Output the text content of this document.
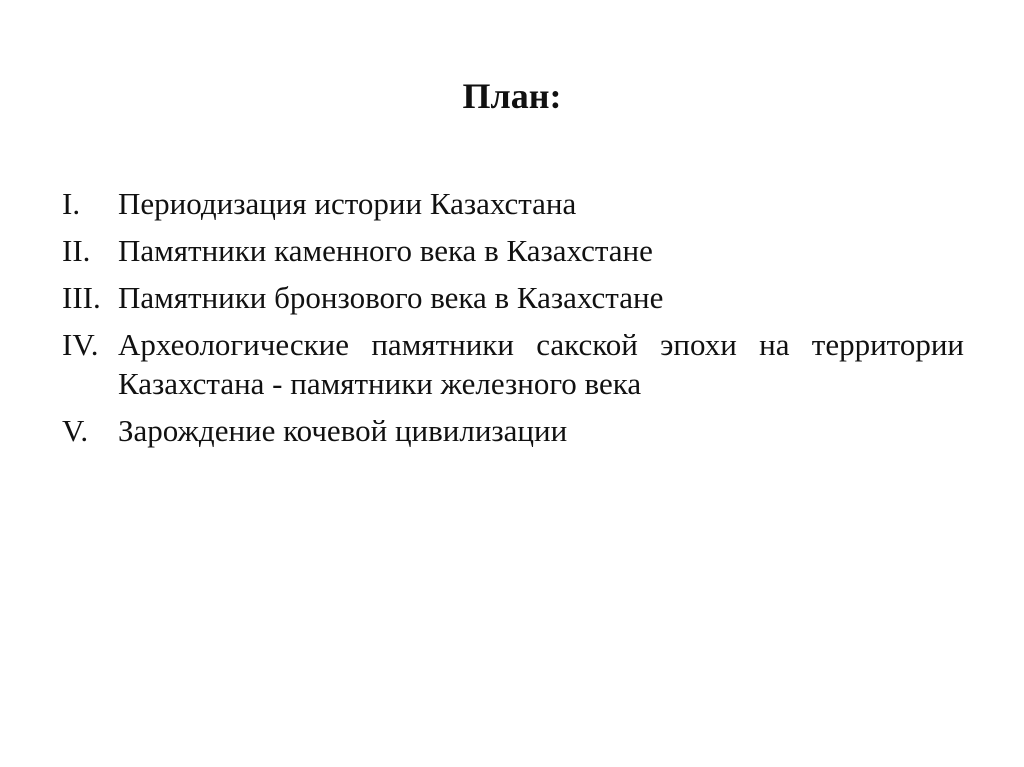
План:
I. Периодизация истории Казахстана
II. Памятники каменного века в Казахстане
III. Памятники бронзового века в Казахстане
IV. Археологические памятники сакской эпохи на территории Казахстана - памятники железного века
V. Зарождение кочевой цивилизации
